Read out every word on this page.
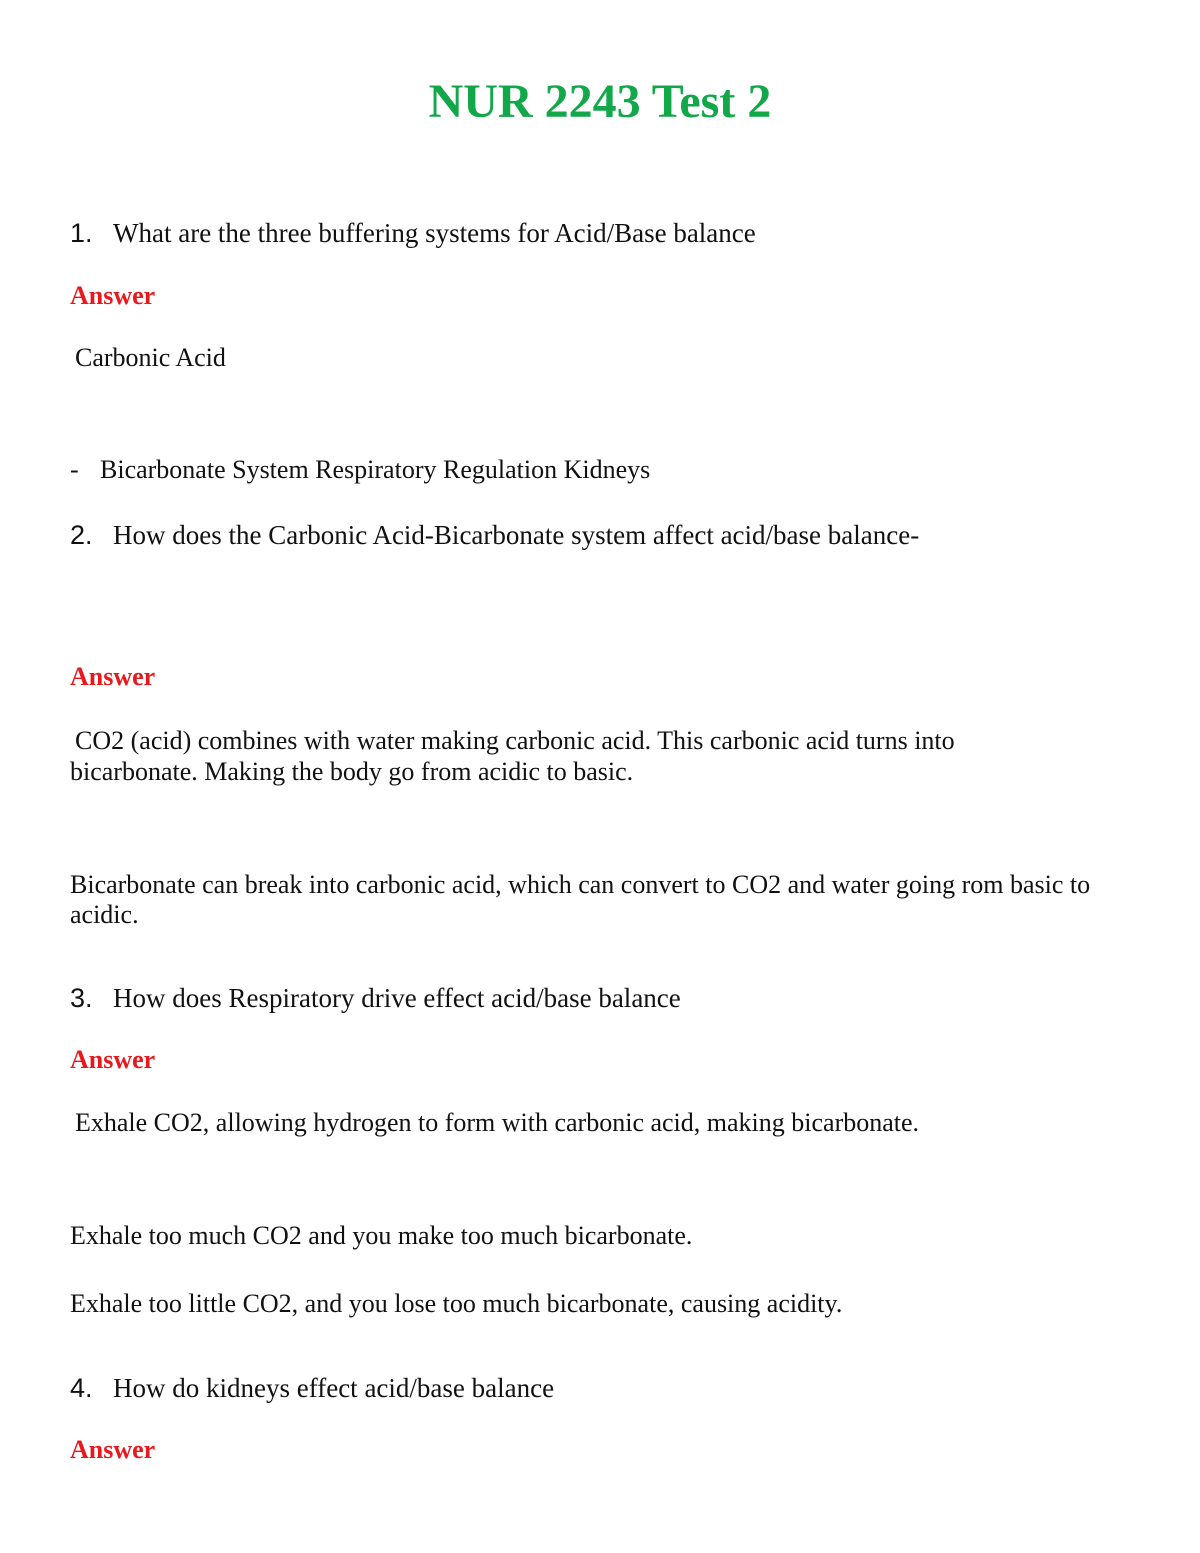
NUR 2243 Test 2
1. What are the three buffering systems for Acid/Base balance
Answer
Carbonic Acid
- Bicarbonate System Respiratory Regulation Kidneys
2. How does the Carbonic Acid-Bicarbonate system affect acid/base balance-
Answer
CO2 (acid) combines with water making carbonic acid. This carbonic acid turns into
bicarbonate. Making the body go from acidic to basic.
Bicarbonate can break into carbonic acid, which can convert to CO2 and water going rom basic to
acidic.
3. How does Respiratory drive effect acid/base balance
Answer
Exhale CO2, allowing hydrogen to form with carbonic acid, making bicarbonate.
Exhale too much CO2 and you make too much bicarbonate.
Exhale too little CO2, and you lose too much bicarbonate, causing acidity.
4. How do kidneys effect acid/base balance
Answer
